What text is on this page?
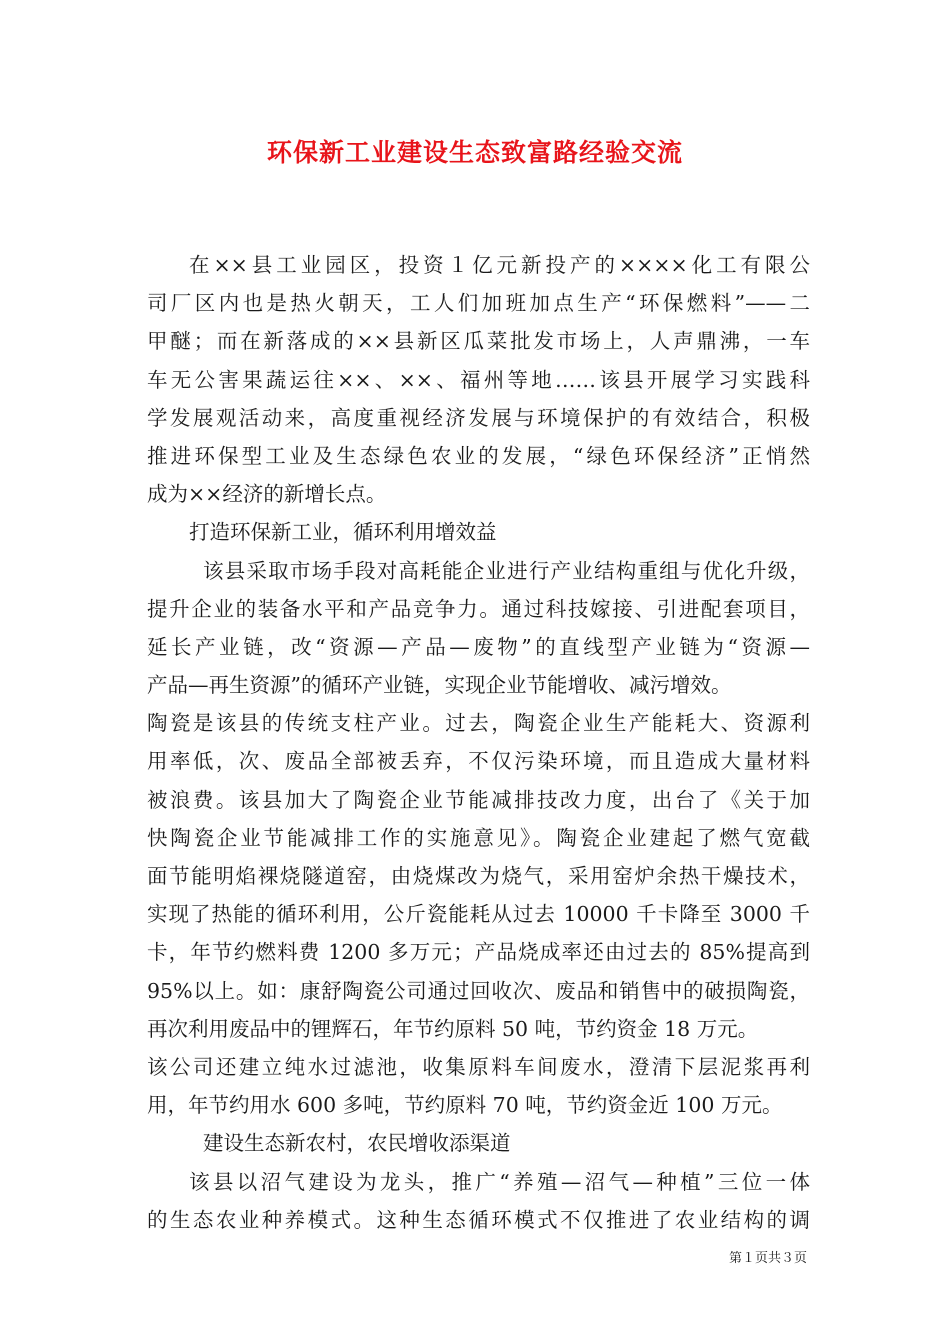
环保新工业建设生态致富路经验交流
在××县工业园区，投资１亿元新投产的××××化工有限公
司厂区内也是热火朝天，工人们加班加点生产“环保燃料”——二
甲醚；而在新落成的××县新区瓜菜批发市场上，人声鼎沸，一车
车无公害果蔬运往××、××、福州等地……该县开展学习实践科
学发展观活动来，高度重视经济发展与环境保护的有效结合，积极
推进环保型工业及生态绿色农业的发展，“绿色环保经济”正悄然
成为××经济的新增长点。
打造环保新工业，循环利用增效益
该县采取市场手段对高耗能企业进行产业结构重组与优化升级，
提升企业的装备水平和产品竞争力。通过科技嫁接、引进配套项目，
延长产业链，改“资源—产品—废物”的直线型产业链为“资源—
产品—再生资源”的循环产业链，实现企业节能增收、减污增效。
陶瓷是该县的传统支柱产业。过去，陶瓷企业生产能耗大、资源利
用率低，次、废品全部被丢弃，不仅污染环境，而且造成大量材料
被浪费。该县加大了陶瓷企业节能减排技改力度，出台了《关于加
快陶瓷企业节能减排工作的实施意见》。陶瓷企业建起了燃气宽截
面节能明焰裸烧隧道窑，由烧煤改为烧气，采用窑炉余热干燥技术，
实现了热能的循环利用，公斤瓷能耗从过去 10000 千卡降至 3000 千
卡，年节约燃料费 1200 多万元；产品烧成率还由过去的 85%提高到
95%以上。如：康舒陶瓷公司通过回收次、废品和销售中的破损陶瓷，
再次利用废品中的锂辉石，年节约原料 50 吨，节约资金 18 万元。
该公司还建立纯水过滤池，收集原料车间废水，澄清下层泥浆再利
用，年节约用水 600 多吨，节约原料 70 吨，节约资金近 100 万元。
建设生态新农村，农民增收添渠道
该县以沼气建设为龙头，推广“养殖—沼气—种植”三位一体
的生态农业种养模式。这种生态循环模式不仅推进了农业结构的调
第１页共３页
